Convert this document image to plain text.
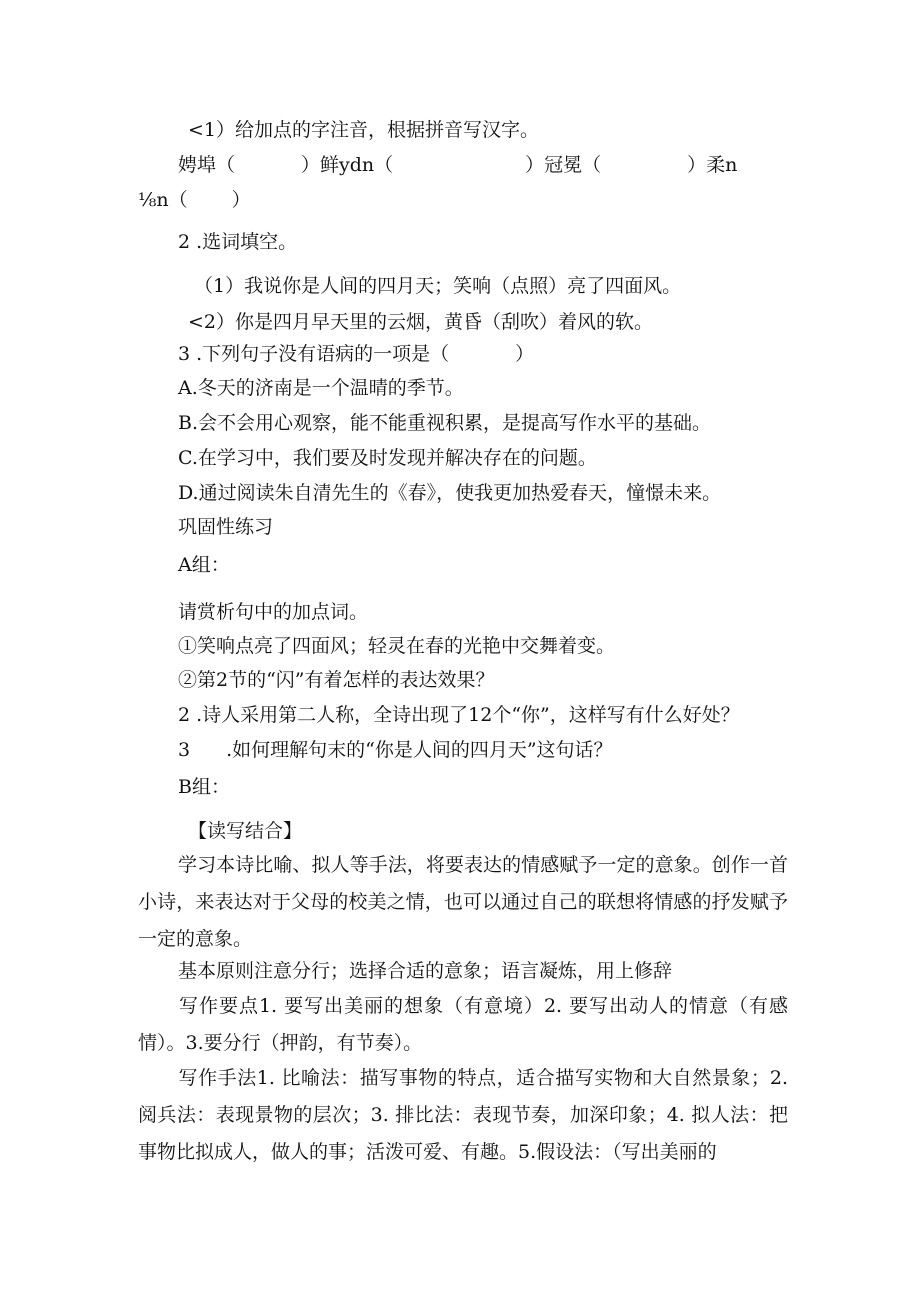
<1）给加点的字注音，根据拼音写汉字。
娉埠（	）鲜ydn（	）冠冕（	）柔n
⅛n（ ）
2 .选词填空。
（1）我说你是人间的四月天；笑响（点照）亮了四面风。
<2）你是四月早天里的云烟，黄昏（刮吹）着风的软。
3 .下列句子没有语病的一项是（	）
A.冬天的济南是一个温晴的季节。
B.会不会用心观察，能不能重视积累，是提高写作水平的基础。
C.在学习中，我们要及时发现并解决存在的问题。
D.通过阅读朱自清先生的《春》，使我更加热爱春天，憧憬未来。
巩固性练习
A组：
请赏析句中的加点词。
①笑响点亮了四面风；轻灵在春的光艳中交舞着变。
②第2节的“闪”有着怎样的表达效果？
2 .诗人采用第二人称，全诗出现了12个“你”，这样写有什么好处？
3 .如何理解句末的“你是人间的四月天”这句话？
B组：
【读写结合】
学习本诗比喻、拟人等手法，将要表达的情感赋予一定的意象。创作一首小诗，来表达对于父母的校美之情，也可以通过自己的联想将情感的抒发赋予一定的意象。
基本原则注意分行；选择合适的意象；语言凝炼，用上修辞
写作要点1. 要写出美丽的想象（有意境）2. 要写出动人的情意（有感情）。3.要分行（押韵，有节奏）。
写作手法1. 比喻法：描写事物的特点，适合描写实物和大自然景象；2.阅兵法：表现景物的层次；3. 排比法：表现节奏，加深印象；4. 拟人法：把事物比拟成人，做人的事；活泼可爱、有趣。5.假设法：（写出美丽的
